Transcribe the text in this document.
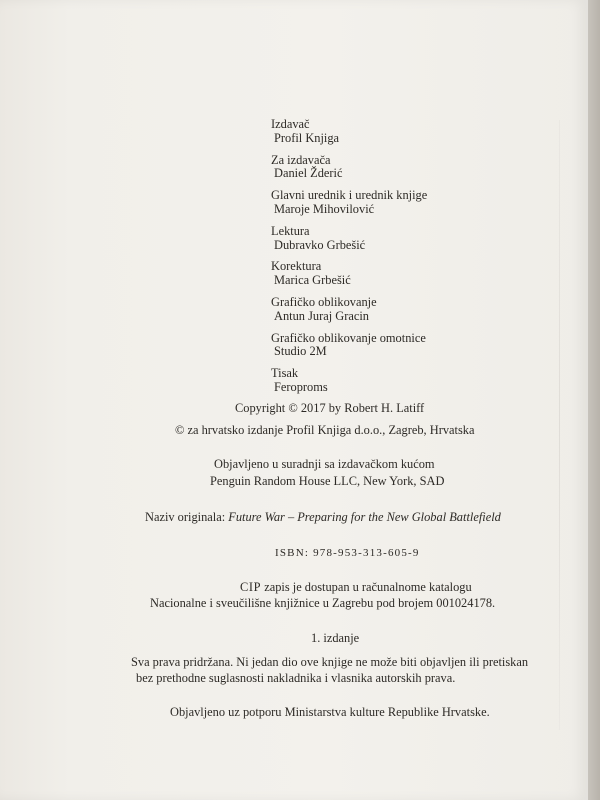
Izdavač
Profil Knjiga
Za izdavača
Daniel Žderić
Glavni urednik i urednik knjige
Maroje Mihovilović
Lektura
Dubravko Grbešić
Korektura
Marica Grbešić
Grafičko oblikovanje
Antun Juraj Gracin
Grafičko oblikovanje omotnice
Studio 2M
Tisak
Feroproms
Copyright © 2017 by Robert H. Latiff
© za hrvatsko izdanje Profil Knjiga d.o.o., Zagreb, Hrvatska
Objavljeno u suradnji sa izdavačkom kućom
Penguin Random House LLC, New York, SAD
Naziv originala: Future War – Preparing for the New Global Battlefield
ISBN: 978-953-313-605-9
CIP zapis je dostupan u računalnome katalogu
Nacionalne i sveučilišne knjižnice u Zagrebu pod brojem 001024178.
1. izdanje
Sva prava pridržana. Ni jedan dio ove knjige ne može biti objavljen ili pretiskan
bez prethodne suglasnosti nakladnika i vlasnika autorskih prava.
Objavljeno uz potporu Ministarstva kulture Republike Hrvatske.
